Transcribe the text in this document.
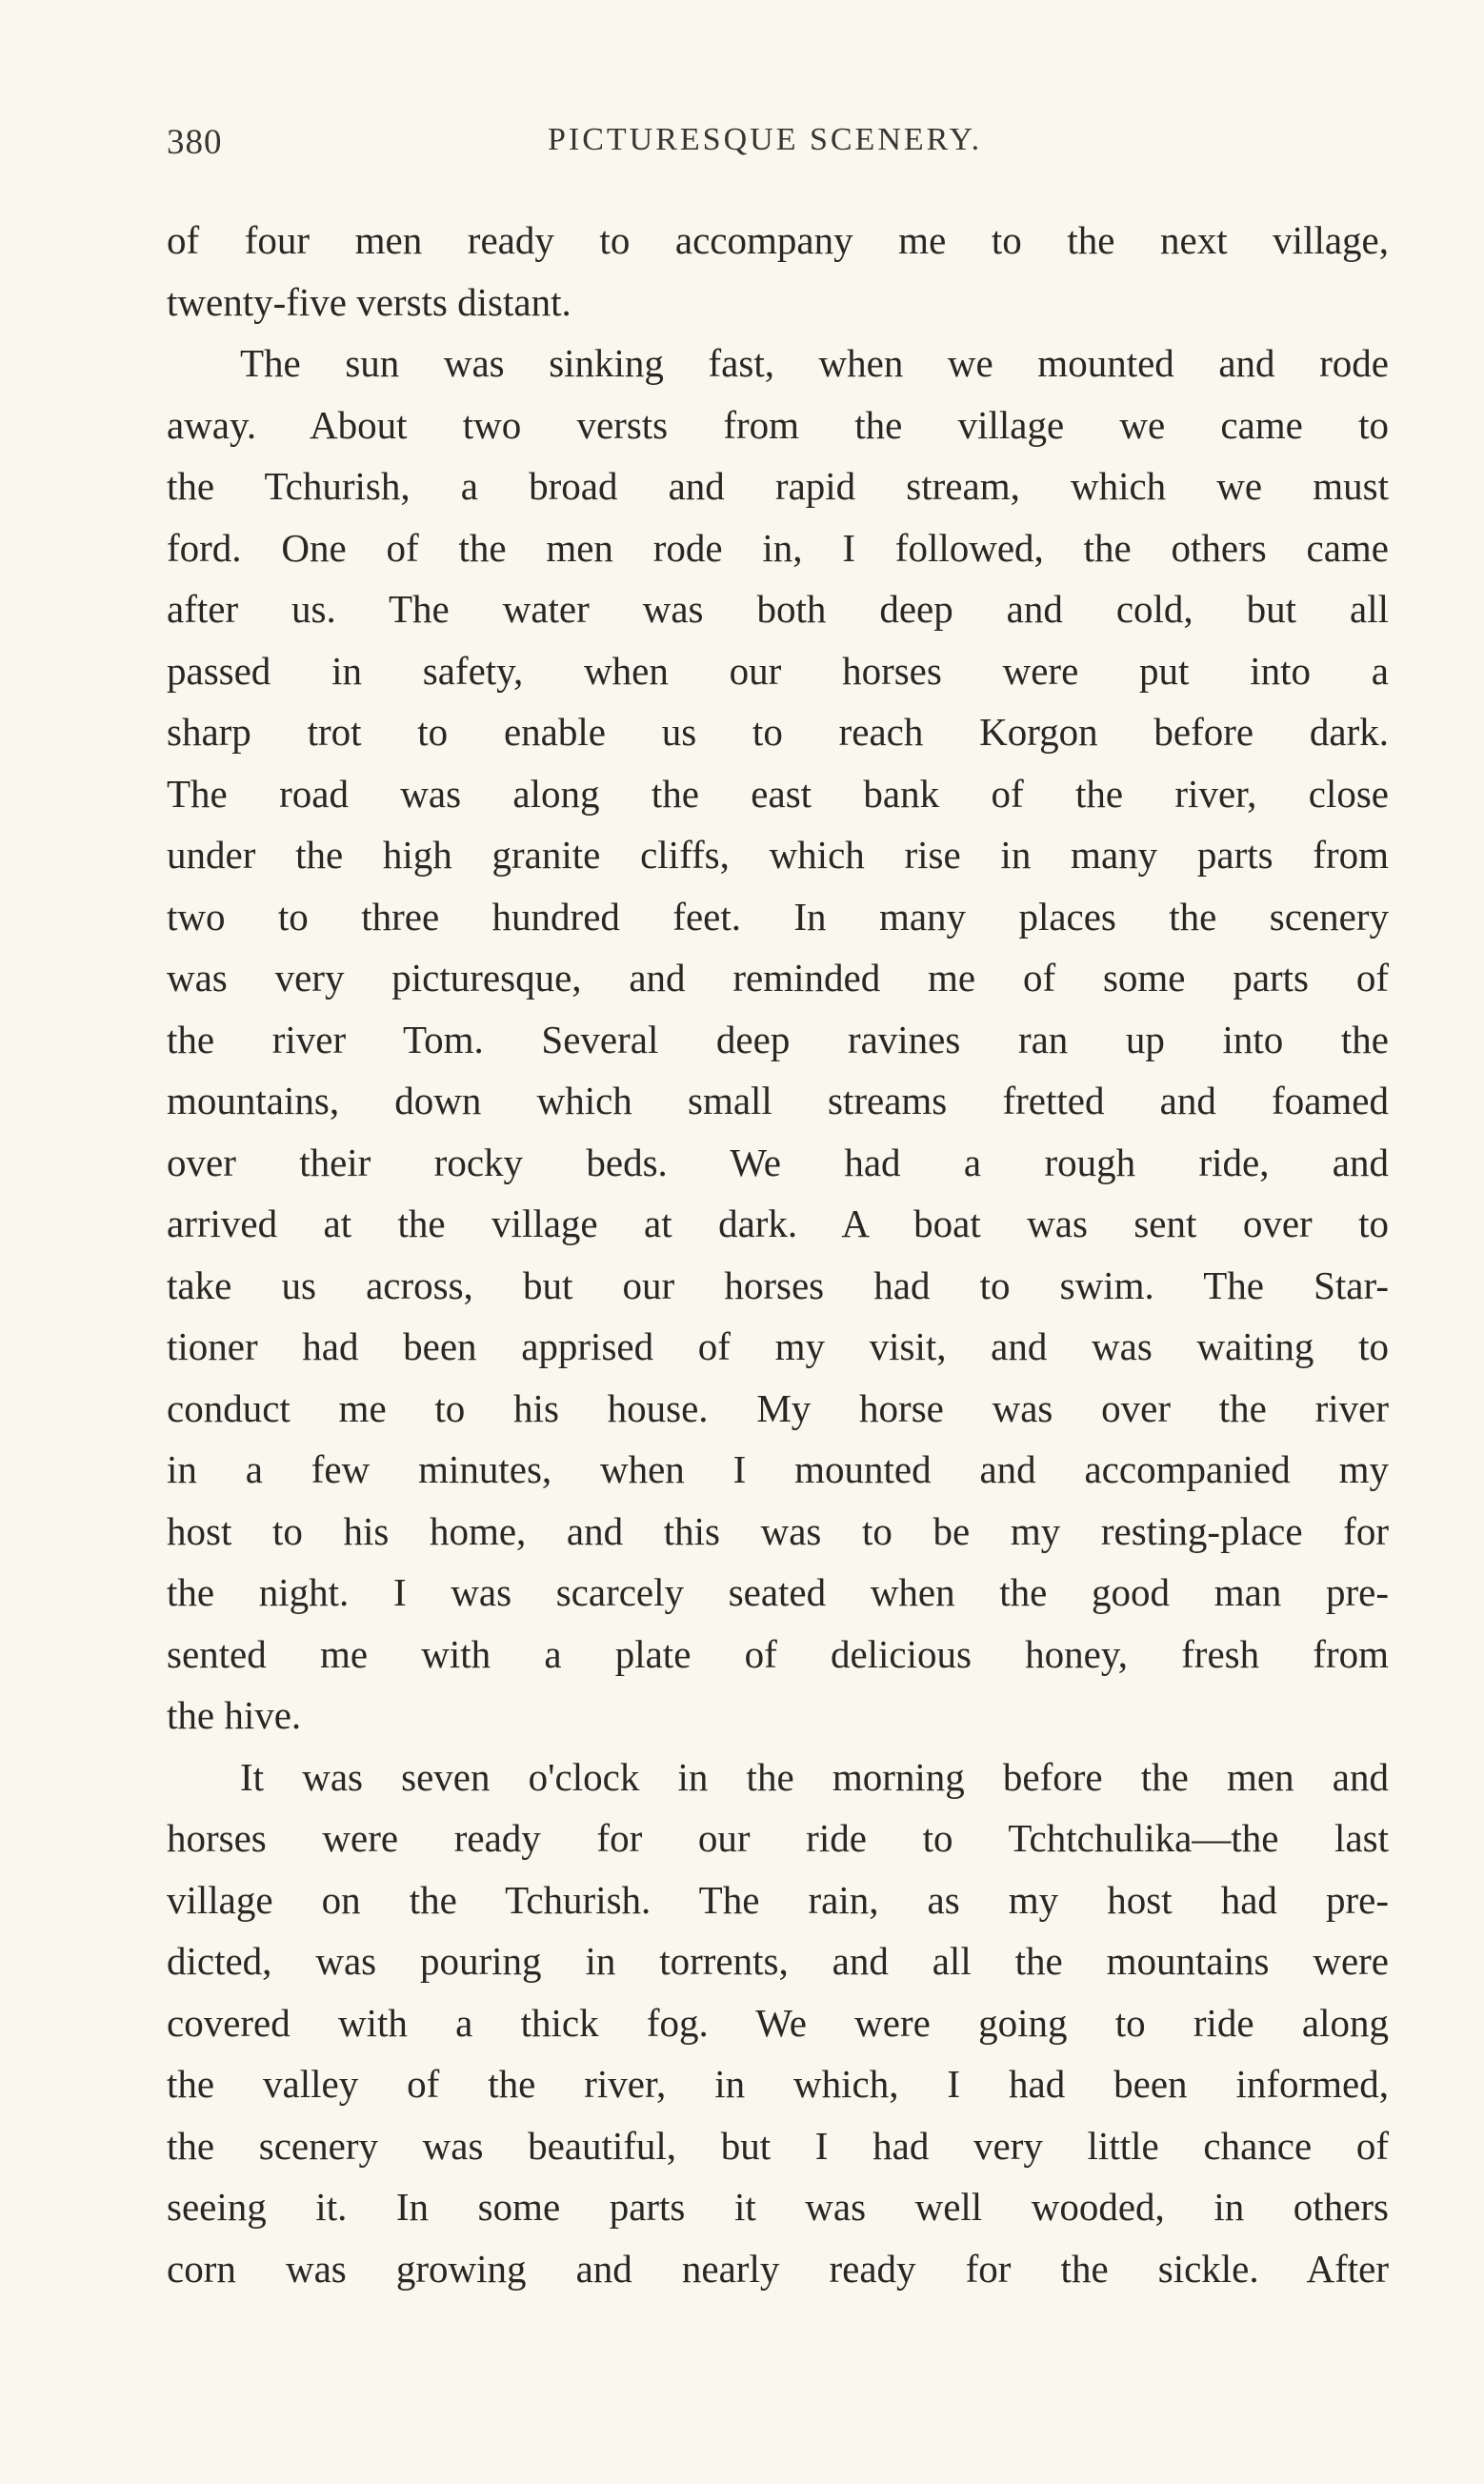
380	PICTURESQUE SCENERY.
of four men ready to accompany me to the next village,
twenty-five versts distant.
The sun was sinking fast, when we mounted and rode
away. About two versts from the village we came to
the Tchurish, a broad and rapid stream, which we must
ford. One of the men rode in, I followed, the others came
after us. The water was both deep and cold, but all
passed in safety, when our horses were put into a
sharp trot to enable us to reach Korgon before dark.
The road was along the east bank of the river, close
under the high granite cliffs, which rise in many parts from
two to three hundred feet. In many places the scenery
was very picturesque, and reminded me of some parts of
the river Tom. Several deep ravines ran up into the
mountains, down which small streams fretted and foamed
over their rocky beds. We had a rough ride, and
arrived at the village at dark. A boat was sent over to
take us across, but our horses had to swim. The Star-
tioner had been apprised of my visit, and was waiting to
conduct me to his house. My horse was over the river
in a few minutes, when I mounted and accompanied my
host to his home, and this was to be my resting-place for
the night. I was scarcely seated when the good man pre-
sented me with a plate of delicious honey, fresh from
the hive.
It was seven o'clock in the morning before the men and
horses were ready for our ride to Tchtchulika—the last
village on the Tchurish. The rain, as my host had pre-
dicted, was pouring in torrents, and all the mountains were
covered with a thick fog. We were going to ride along
the valley of the river, in which, I had been informed,
the scenery was beautiful, but I had very little chance of
seeing it. In some parts it was well wooded, in others
corn was growing and nearly ready for the sickle. After
